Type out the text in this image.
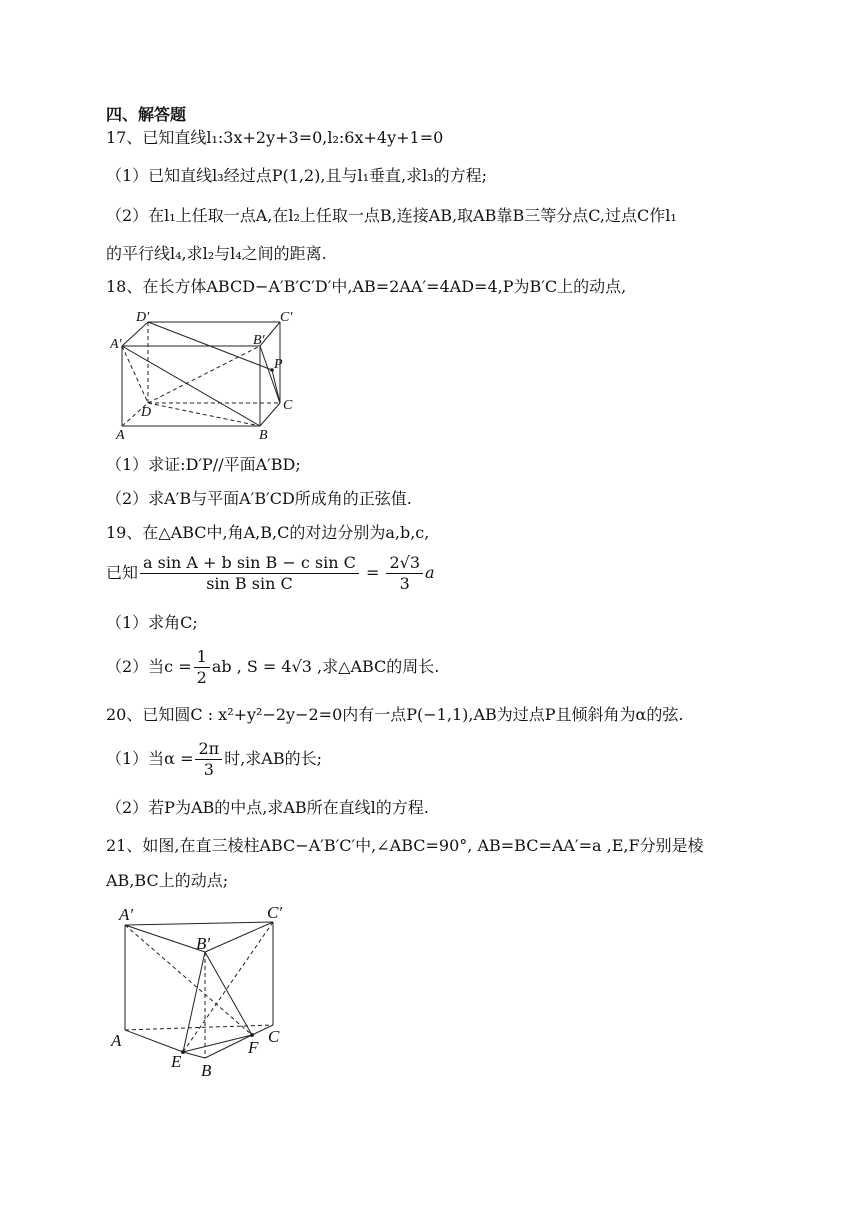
四、解答题
17、已知直线l₁:3x+2y+3=0,l₂:6x+4y+1=0
（1）已知直线l₃经过点P(1,2),且与l₁垂直,求l₃的方程;
（2）在l₁上任取一点A,在l₂上任取一点B,连接AB,取AB靠B三等分点C,过点C作l₁
的平行线l₄,求l₂与l₄之间的距离.
18、在长方体ABCD−A′B′C′D′中,AB=2AA′=4AD=4,P为B′C上的动点,
D′	C′
A′	B′
P
D	C
A	B
（1）求证:D′P//平面A′BD;
（2）求A′B与平面A′B′CD所成角的正弦值.
19、在△ABC中,角A,B,C的对边分别为a,b,c,
已知 $\frac{\text{a sin A + b sin B − c sin C}}{\text{sin B sin C}} = \frac{2√3}{3}$ a
（1）求角C;
（2）当$c = \frac{1}{2}$ ab , S = 4√3 ,求△ABC的周长.
20、已知圆C : x²+y²−2y−2=0内有一点P(−1,1),AB为过点P且倾斜角为α的弦.
（1）当$\alpha = \frac{2\pi}{3}$ 时,求AB的长;
（2）若P为AB的中点,求AB所在直线l的方程.
21、如图,在直三棱柱ABC−A′B′C′中,∠ABC=90°, AB=BC=AA′=a ,E,F分别是棱
AB,BC上的动点;
A′	C′
B′
A	C
F
E B
